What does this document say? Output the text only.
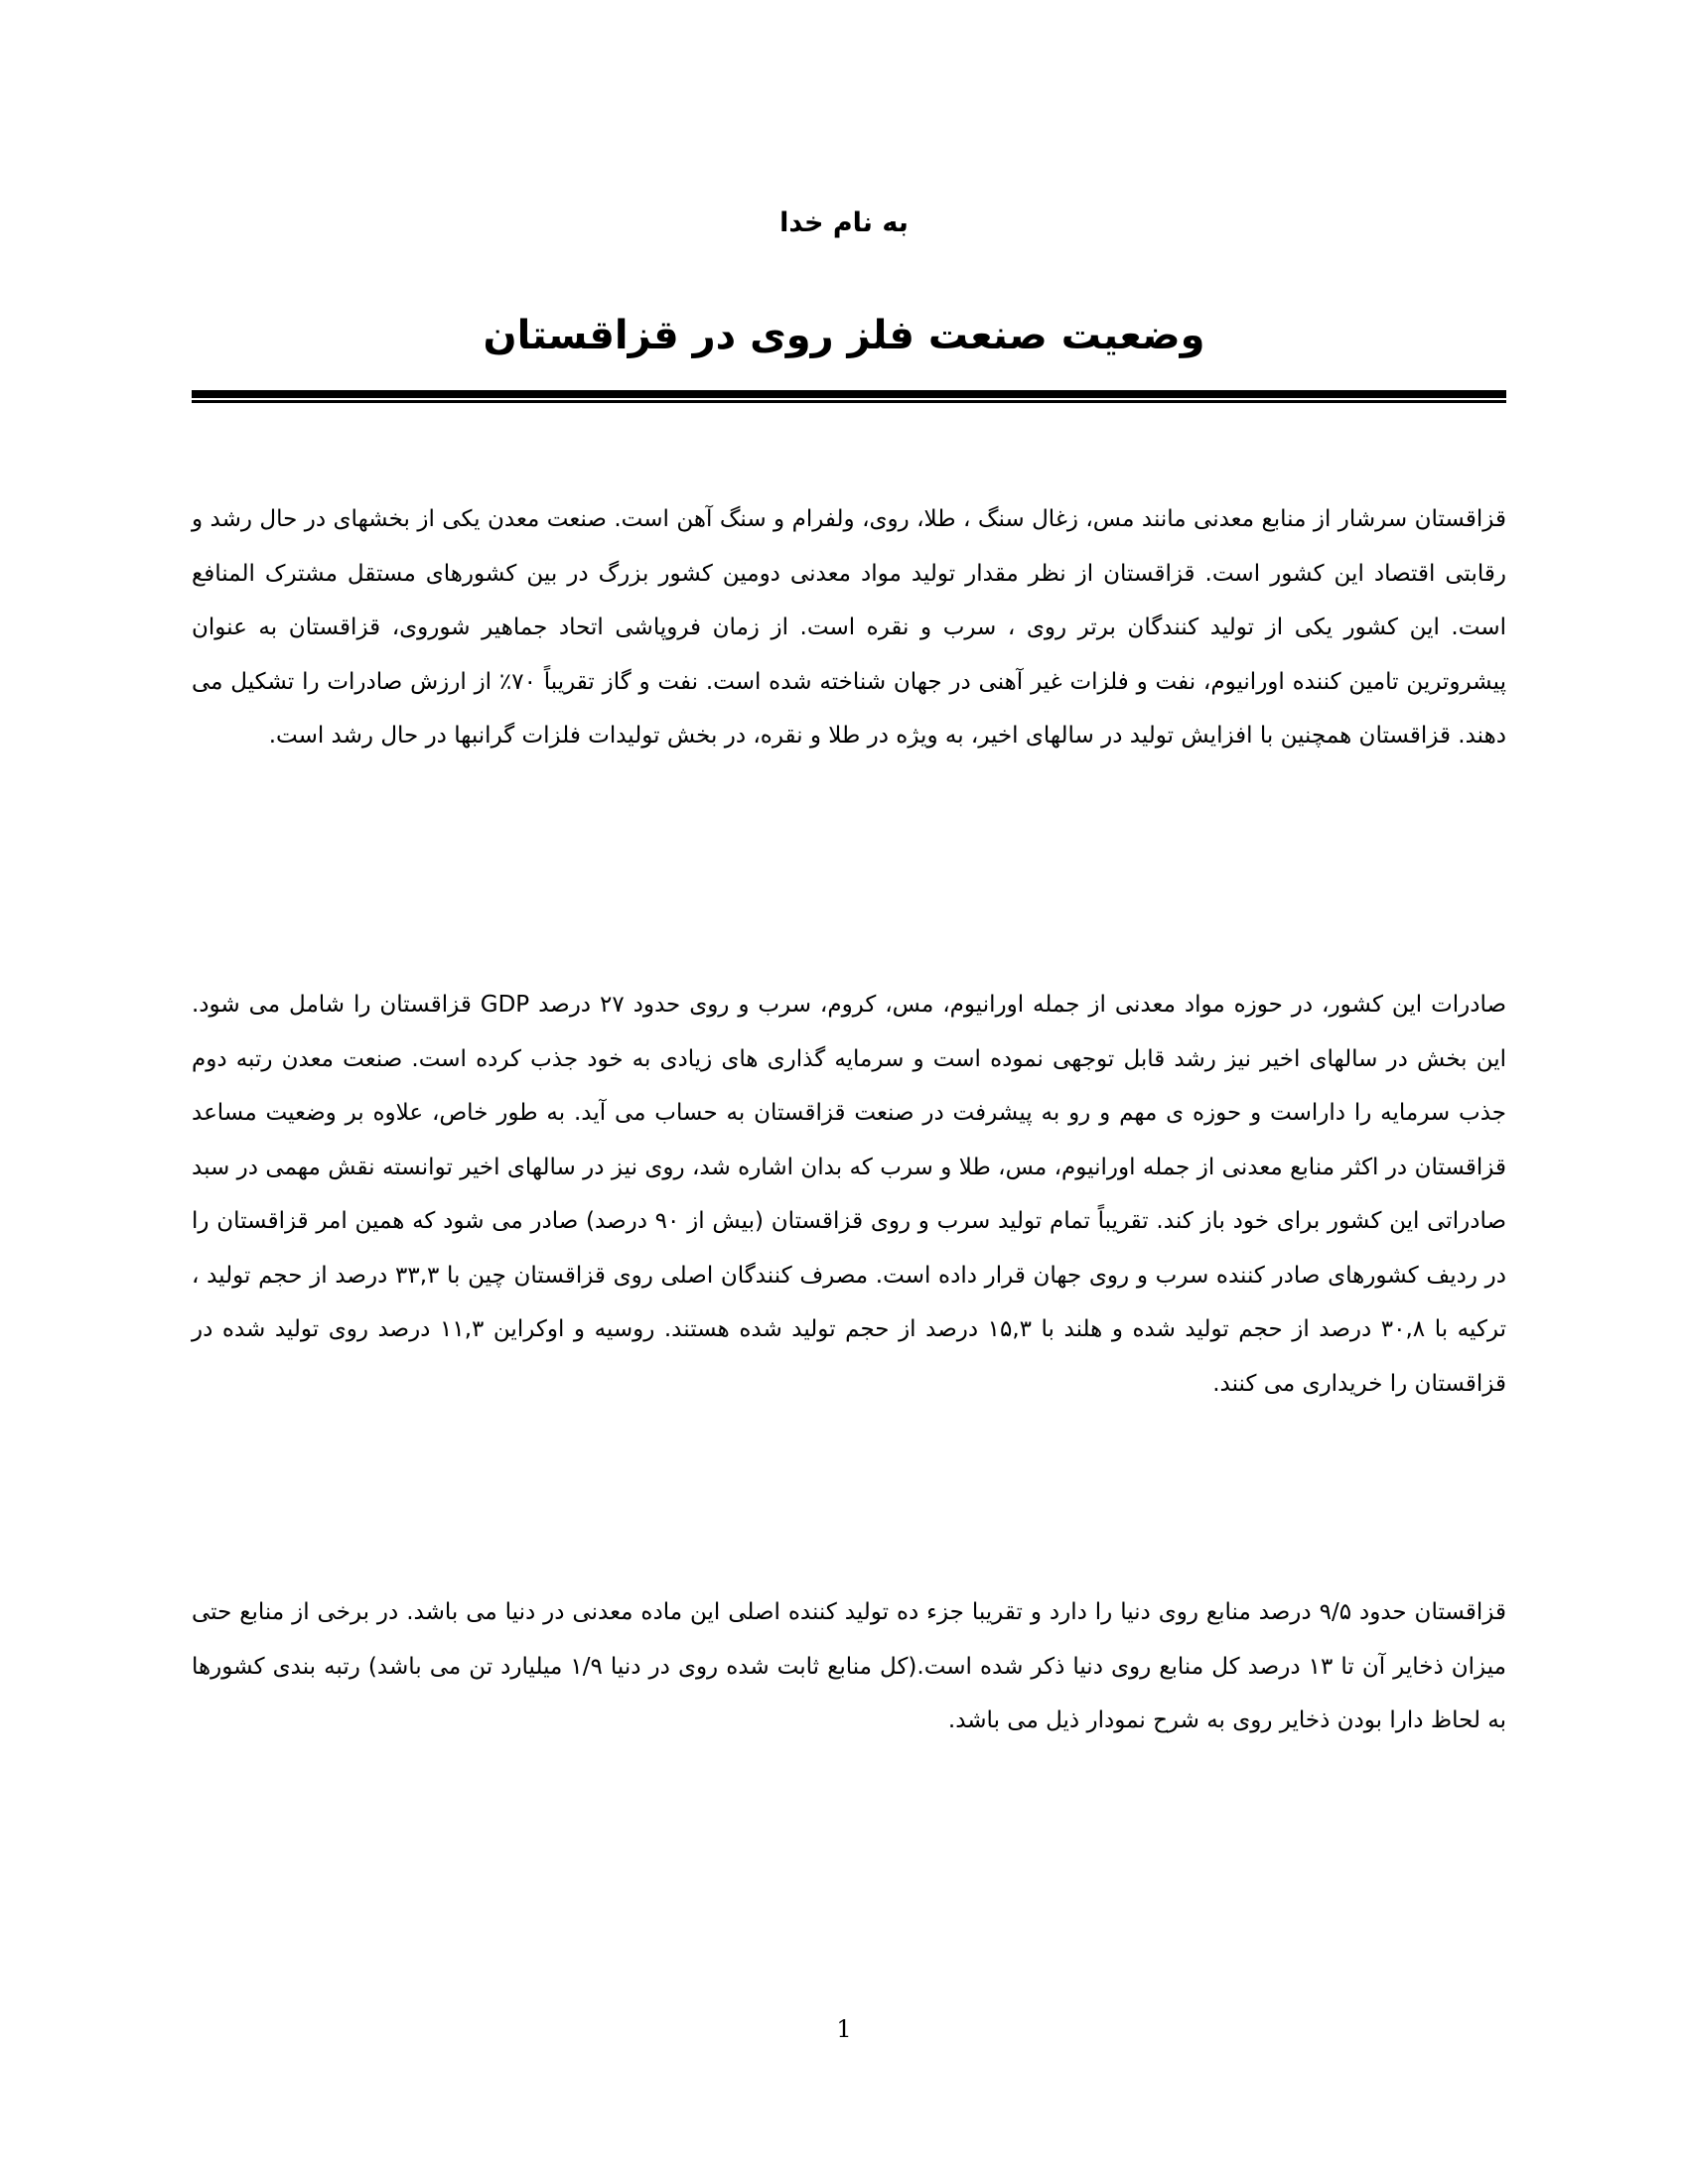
به نام خدا
وضعیت صنعت فلز روی در قزاقستان

قزاقستان سرشار از منابع معدنی مانند مس، زغال سنگ ، طلا، روی، ولفرام و سنگ آهن است. صنعت معدن یکی از بخشهای در حال رشد و رقابتی اقتصاد این کشور است. قزاقستان از نظر مقدار تولید مواد معدنی دومین کشور بزرگ در بین کشورهای مستقل مشترک المنافع است. این کشور یکی از تولید کنندگان برتر روی ، سرب و نقره است. از زمان فروپاشی اتحاد جماهیر شوروی، قزاقستان به عنوان پیشروترین تامین کننده اورانیوم، نفت و فلزات غیر آهنی در جهان شناخته شده است. نفت و گاز تقریباً ۷۰٪ از ارزش صادرات را تشکیل می دهند. قزاقستان همچنین با افزایش تولید در سالهای اخیر، به ویژه در طلا و نقره، در بخش تولیدات فلزات گرانبها در حال رشد است.

صادرات این کشور، در حوزه مواد معدنی از جمله اورانیوم، مس، کروم، سرب و روی حدود ۲۷ درصد GDP قزاقستان را شامل می شود. این بخش در سالهای اخیر نیز رشد قابل توجهی نموده است و سرمایه گذاری های زیادی به خود جذب کرده است. صنعت معدن رتبه دوم جذب سرمایه را داراست و حوزه ی مهم و رو به پیشرفت در صنعت قزاقستان به حساب می آید. به طور خاص، علاوه بر وضعیت مساعد قزاقستان در اکثر منابع معدنی از جمله اورانیوم، مس، طلا و سرب که بدان اشاره شد، روی نیز در سالهای اخیر توانسته نقش مهمی در سبد صادراتی این کشور برای خود باز کند. تقریباً تمام تولید سرب و روی قزاقستان (بیش از ۹۰ درصد) صادر می شود که همین امر قزاقستان را در ردیف کشورهای صادر کننده سرب و روی جهان قرار داده است. مصرف کنندگان اصلی روی قزاقستان چین با ۳۳,۳ درصد از حجم تولید ، ترکیه با ۳۰,۸ درصد از حجم تولید شده و هلند با ۱۵,۳ درصد از حجم تولید شده هستند. روسیه و اوکراین ۱۱,۳ درصد روی تولید شده در قزاقستان را خریداری می کنند.

قزاقستان حدود ۹/۵ درصد منابع روی دنیا را دارد و تقریبا جزء ده تولید کننده اصلی این ماده معدنی در دنیا می باشد. در برخی از منابع حتی میزان ذخایر آن تا ۱۳ درصد کل منابع روی دنیا ذکر شده است.(کل منابع ثابت شده روی در دنیا ۱/۹ میلیارد تن می باشد) رتبه بندی کشورها به لحاظ دارا بودن ذخایر روی به شرح نمودار ذیل می باشد.

1
